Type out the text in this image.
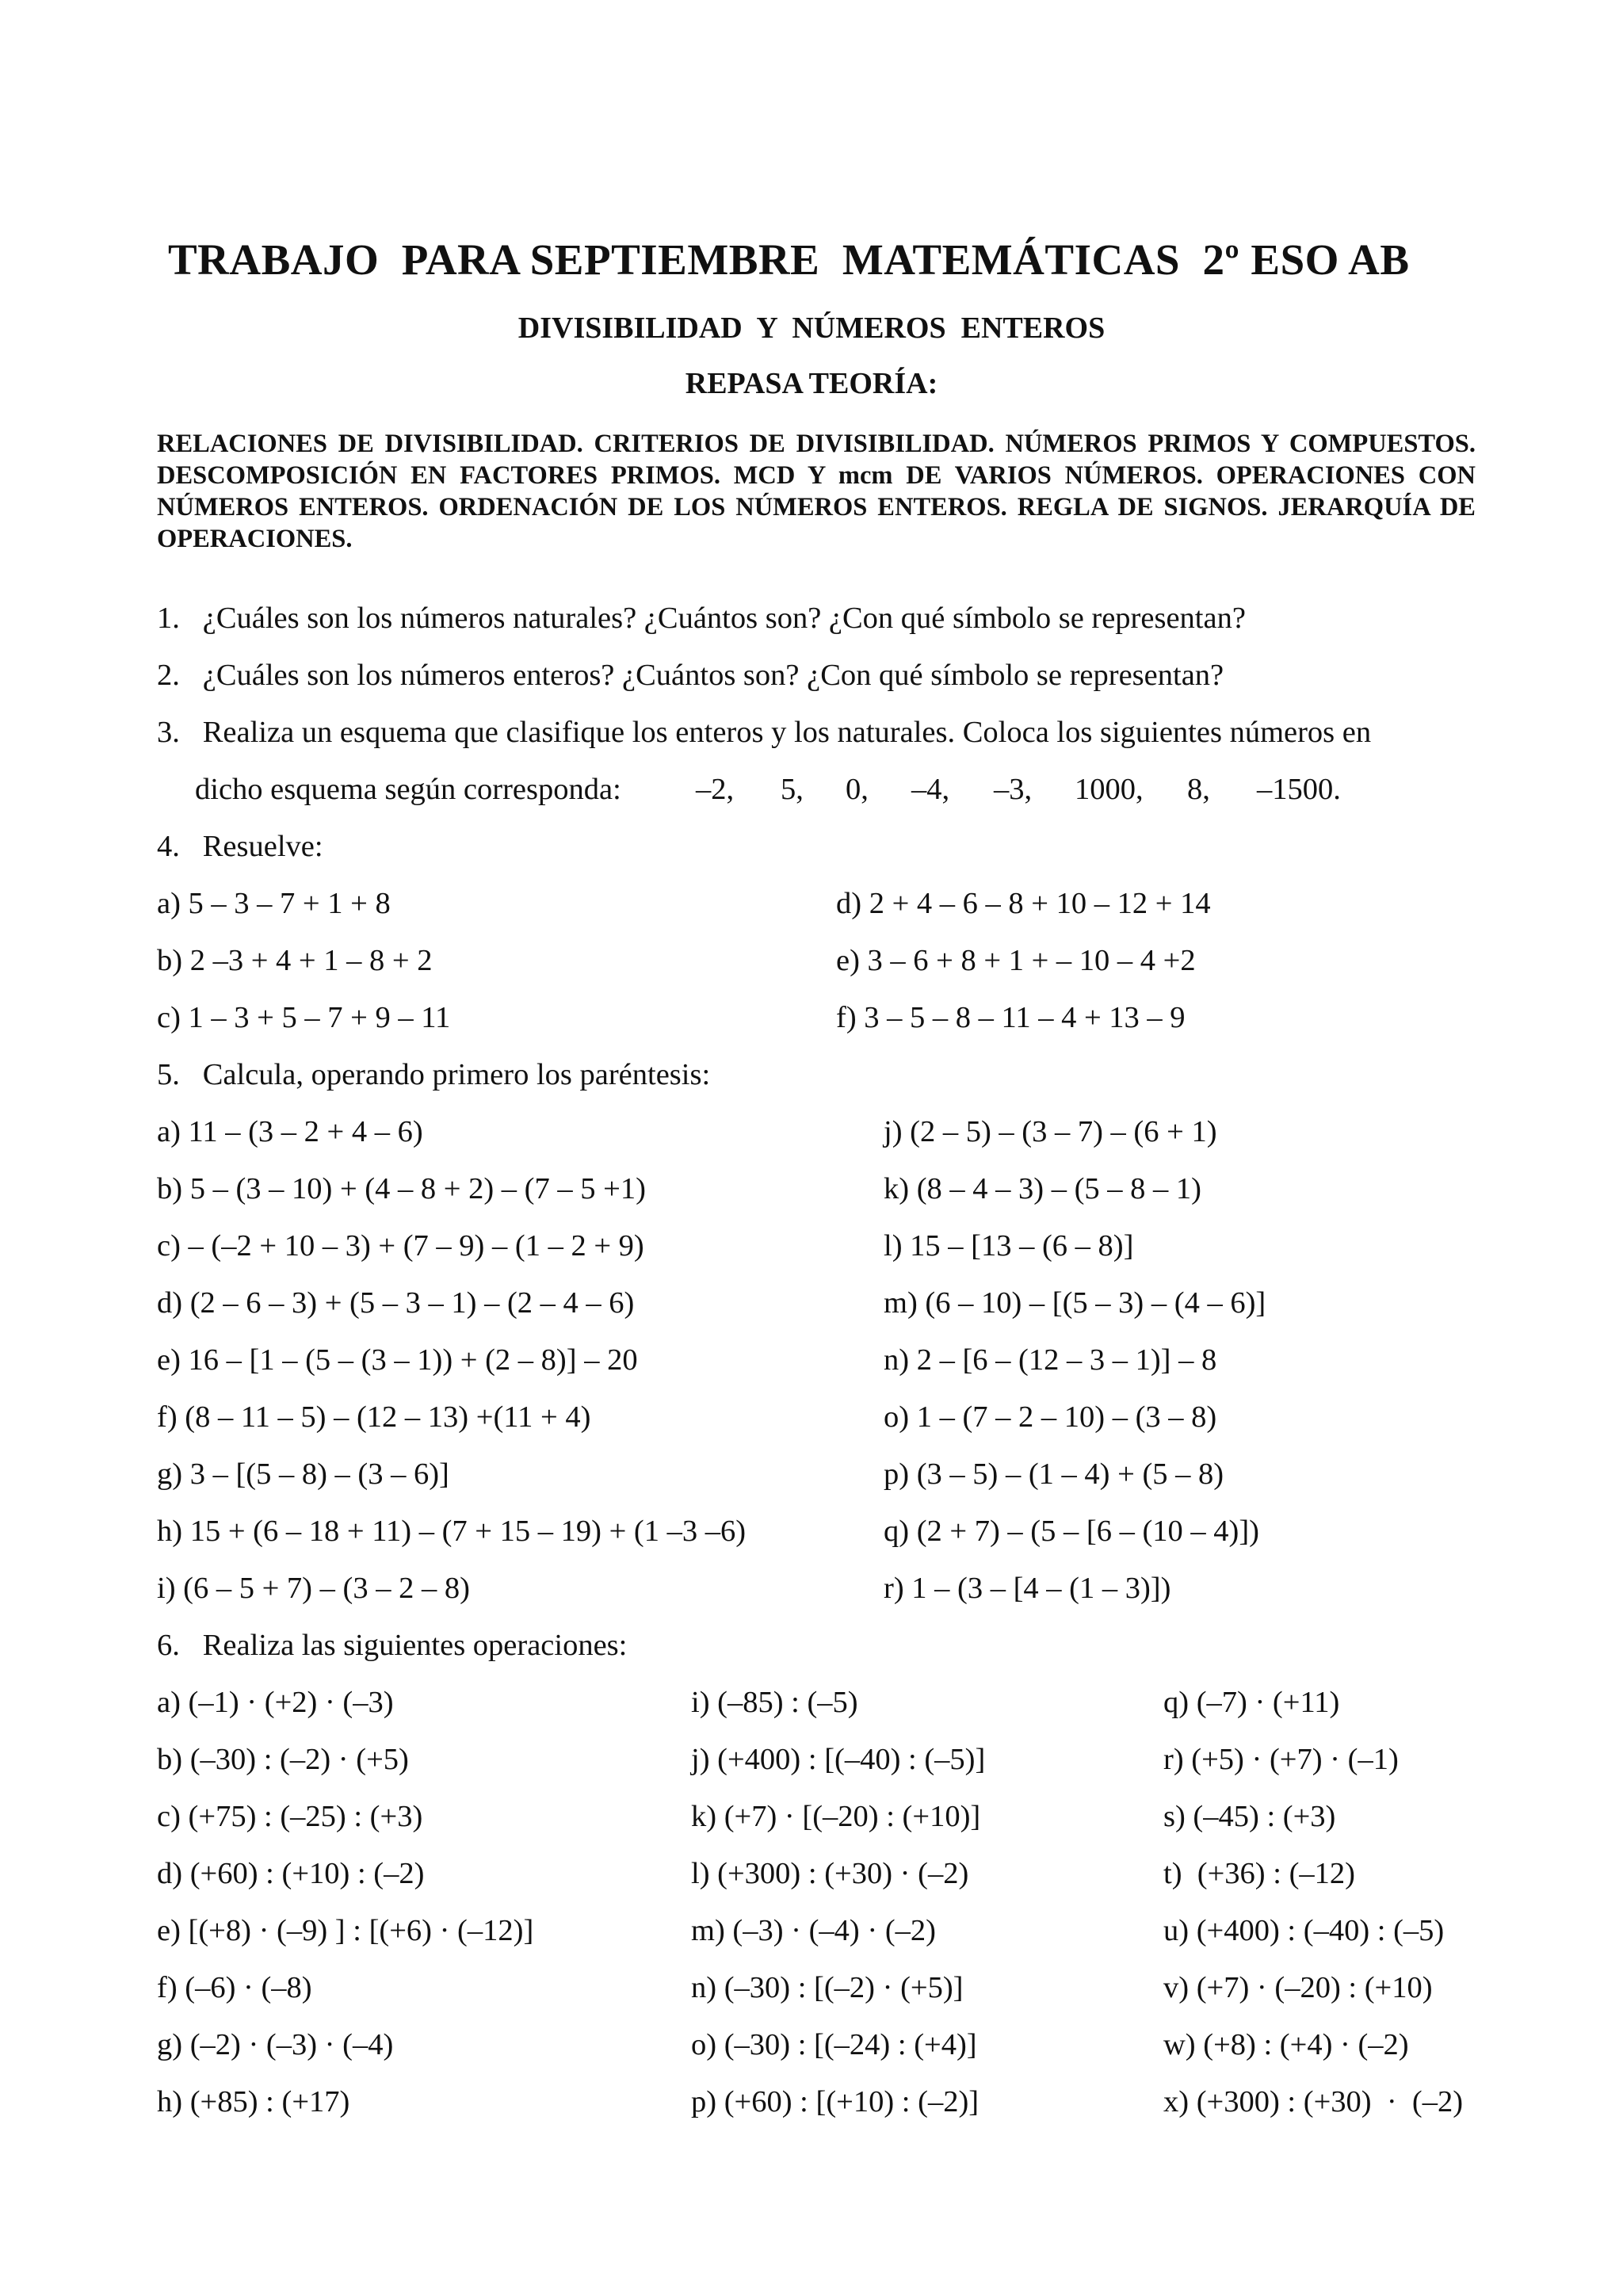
TRABAJO  PARA SEPTIEMBRE  MATEMÁTICAS  2º ESO AB
DIVISIBILIDAD  Y  NÚMEROS  ENTEROS
REPASA TEORÍA:
RELACIONES DE DIVISIBILIDAD. CRITERIOS DE DIVISIBILIDAD. NÚMEROS PRIMOS Y COMPUESTOS. DESCOMPOSICIÓN EN FACTORES PRIMOS. MCD Y mcm DE VARIOS NÚMEROS. OPERACIONES CON NÚMEROS ENTEROS. ORDENACIÓN DE LOS NÚMEROS ENTEROS. REGLA DE SIGNOS. JERARQUÍA DE OPERACIONES.
1.   ¿Cuáles son los números naturales? ¿Cuántos son? ¿Con qué símbolo se representan?
2.   ¿Cuáles son los números enteros? ¿Cuántos son? ¿Con qué símbolo se representan?
3.   Realiza un esquema que clasifique los enteros y los naturales. Coloca los siguientes números en
dicho esquema según corresponda: –2, 5, 0, –4, –3, 1000, 8, –1500.
4.   Resuelve:
a) 5 – 3 – 7 + 1 + 8
b) 2 –3 + 4 + 1 – 8 + 2
c) 1 – 3 + 5 – 7 + 9 – 11
d) 2 + 4 – 6 – 8 + 10 – 12 + 14
e) 3 – 6 + 8 + 1 + – 10 – 4 +2
f) 3 – 5 – 8 – 11 – 4 + 13 – 9
5.   Calcula, operando primero los paréntesis:
a) 11 – (3 – 2 + 4 – 6)
b) 5 – (3 – 10) + (4 – 8 + 2) – (7 – 5 +1)
c) – (–2 + 10 – 3) + (7 – 9) – (1 – 2 + 9)
d) (2 – 6 – 3) + (5 – 3 – 1) – (2 – 4 – 6)
e) 16 – [1 – (5 – (3 – 1)) + (2 – 8)] – 20
f) (8 – 11 – 5) – (12 – 13) +(11 + 4)
g) 3 – [(5 – 8) – (3 – 6)]
h) 15 + (6 – 18 + 11) – (7 + 15 – 19) + (1 –3 –6)
i) (6 – 5 + 7) – (3 – 2 – 8)
j) (2 – 5) – (3 – 7) – (6 + 1)
k) (8 – 4 – 3) – (5 – 8 – 1)
l) 15 – [13 – (6 – 8)]
m) (6 – 10) – [(5 – 3) – (4 – 6)]
n) 2 – [6 – (12 – 3 – 1)] – 8
o) 1 – (7 – 2 – 10) – (3 – 8)
p) (3 – 5) – (1 – 4) + (5 – 8)
q) (2 + 7) – (5 – [6 – (10 – 4)])
r) 1 – (3 – [4 – (1 – 3)])
6.   Realiza las siguientes operaciones:
a) (–1) · (+2) · (–3)
b) (–30) : (–2) · (+5)
c) (+75) : (–25) : (+3)
d) (+60) : (+10) : (–2)
e) [(+8) · (–9) ] : [(+6) · (–12)]
f) (–6) · (–8)
g) (–2) · (–3) · (–4)
h) (+85) : (+17)
i) (–85) : (–5)
j) (+400) : [(–40) : (–5)]
k) (+7) · [(–20) : (+10)]
l) (+300) : (+30) · (–2)
m) (–3) · (–4) · (–2)
n) (–30) : [(–2) · (+5)]
o) (–30) : [(–24) : (+4)]
p) (+60) : [(+10) : (–2)]
q) (–7) · (+11)
r) (+5) · (+7) · (–1)
s) (–45) : (+3)
t)  (+36) : (–12)
u) (+400) : (–40) : (–5)
v) (+7) · (–20) : (+10)
w) (+8) : (+4) · (–2)
x) (+300) : (+30)  ·  (–2)
